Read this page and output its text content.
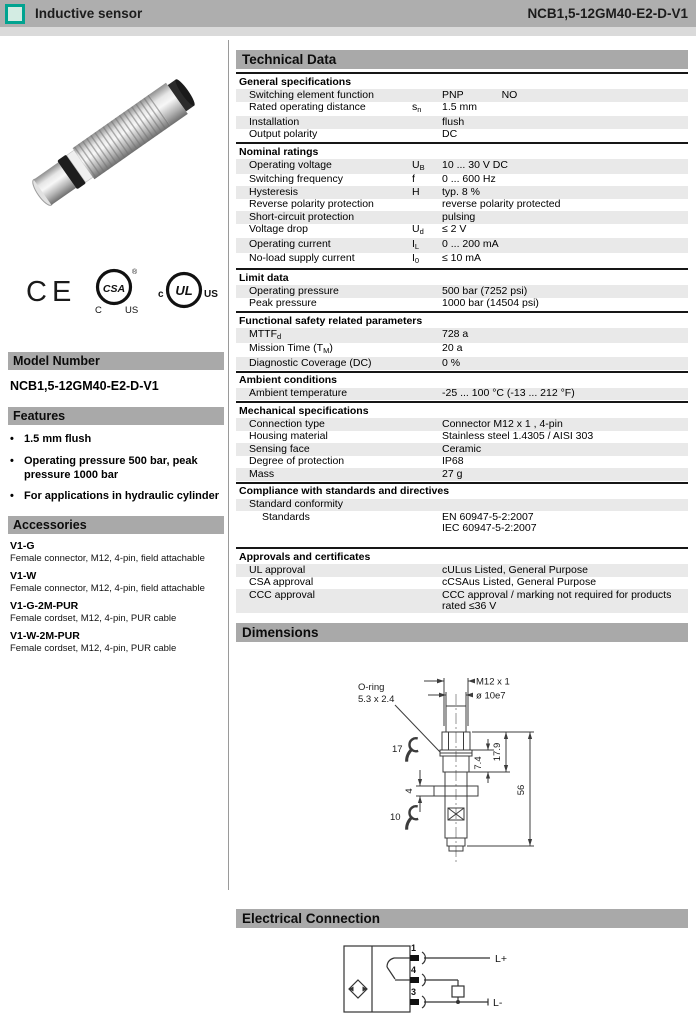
Inductive sensor	NCB1,5-12GM40-E2-D-V1
CE	CSA
®
C US
UL
c	US
Model Number
NCB1,5-12GM40-E2-D-V1
Features
• 1.5 mm flush
• Operating pressure 500 bar, peak pressure 1000 bar
• For applications in hydraulic cylinder
Accessories
V1-G
Female connector, M12, 4-pin, field attachable
V1-W
Female connector, M12, 4-pin, field attachable
V1-G-2M-PUR
Female cordset, M12, 4-pin, PUR cable
V1-W-2M-PUR
Female cordset, M12, 4-pin, PUR cable
Technical Data
General specifications
Switching element function	PNP	NO
Rated operating distance	$s_n$	1.5 mm
Installation	flush
Output polarity	DC
Nominal ratings
Operating voltage	$U_B$	10 ... 30 V DC
Switching frequency	f	0 ... 600 Hz
Hysteresis	H	typ. 8 %
Reverse polarity protection	reverse polarity protected
Short-circuit protection	pulsing
Voltage drop	$U_d$	≤ 2 V
Operating current	$I_L$	0 ... 200 mA
No-load supply current	$I_0$	≤ 10 mA
Limit data
Operating pressure	500 bar (7252 psi)
Peak pressure	1000 bar (14504 psi)
Functional safety related parameters
$MTTF_d$	728 a
Mission Time $(T_M)$	20 a
Diagnostic Coverage (DC)	0 %
Ambient conditions
Ambient temperature	-25 ... 100 °C (-13 ... 212 °F)
Mechanical specifications
Connection type	Connector M12 x 1 , 4-pin
Housing material	Stainless steel 1.4305 / AISI 303
Sensing face	Ceramic
Degree of protection	IP68
Mass	27 g
Compliance with standards and directives
Standard conformity
Standards	EN 60947-5-2:2007
IEC 60947-5-2:2007
Approvals and certificates
UL approval	cULus Listed, General Purpose
CSA approval	cCSAus Listed, General Purpose
CCC approval	CCC approval / marking not required for products rated ≤36 V
Dimensions
M12 x 1
ø 10e7
O-ring
5.3 x 2.4
17
10
4
7.4
17.9
56
Electrical Connection
1
4
3
L+
L-
